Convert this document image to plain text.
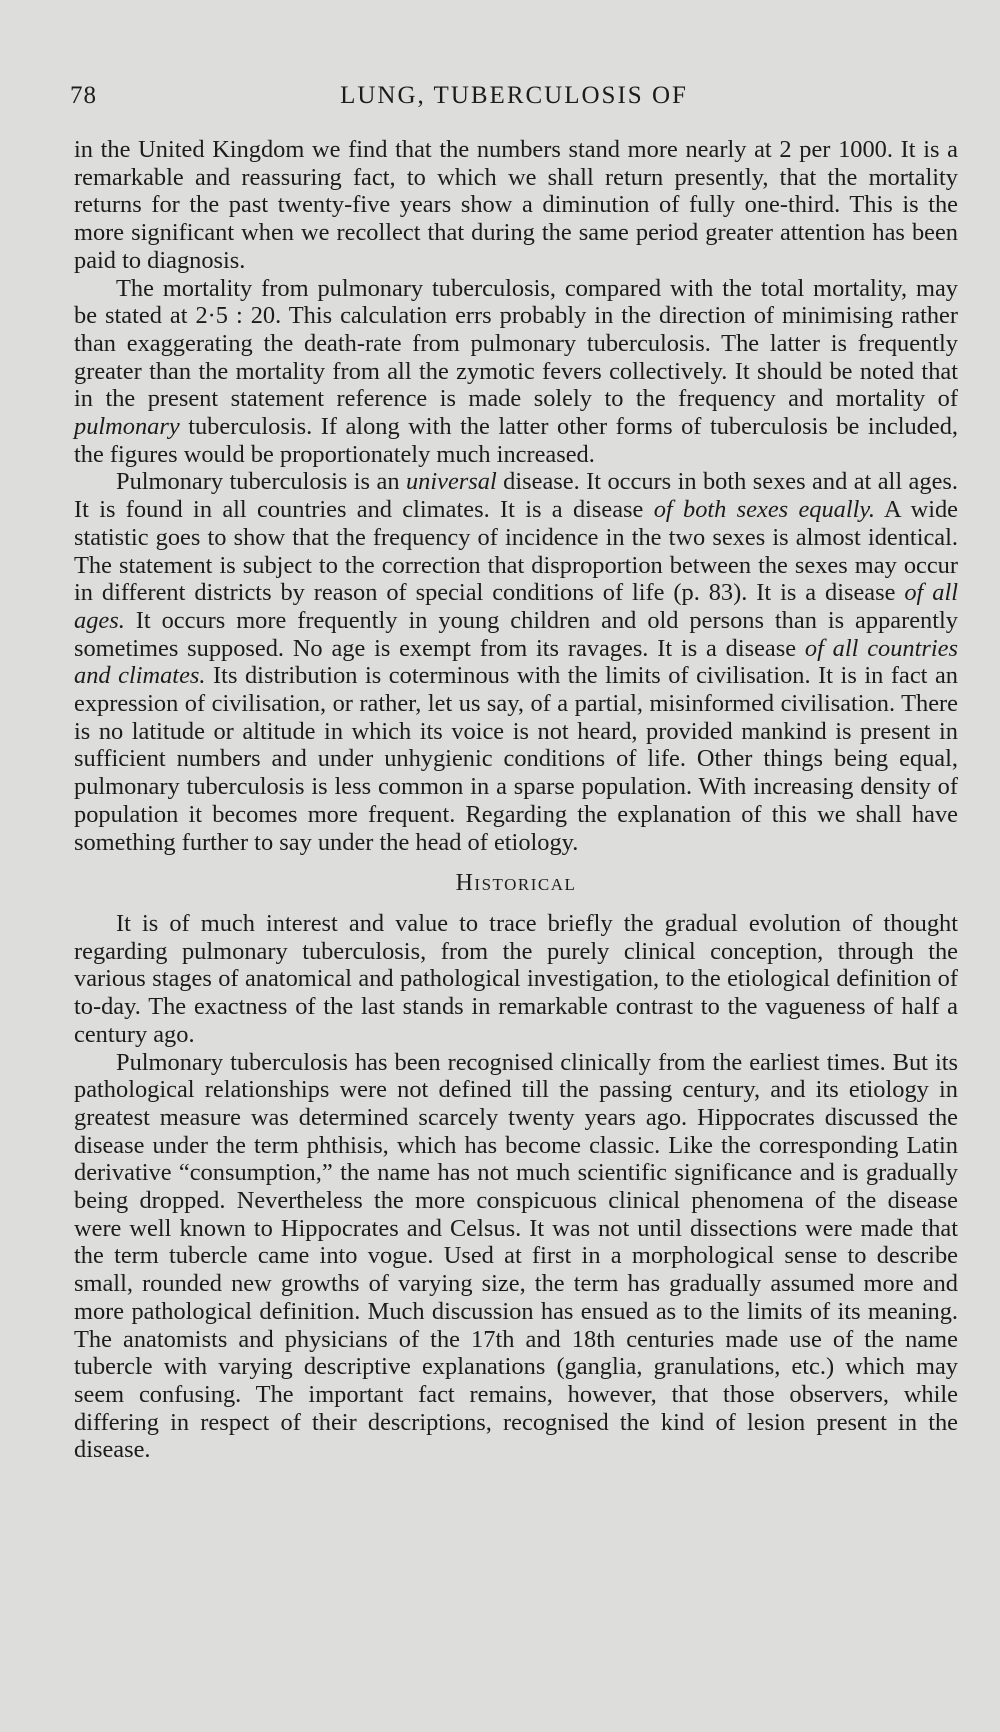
78	LUNG, TUBERCULOSIS OF

in the United Kingdom we find that the numbers stand more nearly at 2 per 1000. It is a remarkable and reassuring fact, to which we shall return presently, that the mortality returns for the past twenty-five years show a diminution of fully one-third. This is the more significant when we recollect that during the same period greater attention has been paid to diagnosis.

The mortality from pulmonary tuberculosis, compared with the total mortality, may be stated at 2·5 : 20. This calculation errs probably in the direction of minimising rather than exaggerating the death-rate from pulmonary tuberculosis. The latter is frequently greater than the mortality from all the zymotic fevers collectively. It should be noted that in the present statement reference is made solely to the frequency and mortality of pulmonary tuberculosis. If along with the latter other forms of tuberculosis be included, the figures would be proportionately much increased.

Pulmonary tuberculosis is an universal disease. It occurs in both sexes and at all ages. It is found in all countries and climates. It is a disease of both sexes equally. A wide statistic goes to show that the frequency of incidence in the two sexes is almost identical. The statement is subject to the correction that disproportion between the sexes may occur in different districts by reason of special conditions of life (p. 83). It is a disease of all ages. It occurs more frequently in young children and old persons than is apparently sometimes supposed. No age is exempt from its ravages. It is a disease of all countries and climates. Its distribution is coterminous with the limits of civilisation. It is in fact an expression of civilisation, or rather, let us say, of a partial, misinformed civilisation. There is no latitude or altitude in which its voice is not heard, provided mankind is present in sufficient numbers and under unhygienic conditions of life. Other things being equal, pulmonary tuberculosis is less common in a sparse population. With increasing density of population it becomes more frequent. Regarding the explanation of this we shall have something further to say under the head of etiology.

Historical

It is of much interest and value to trace briefly the gradual evolution of thought regarding pulmonary tuberculosis, from the purely clinical conception, through the various stages of anatomical and pathological investigation, to the etiological definition of to-day. The exactness of the last stands in remarkable contrast to the vagueness of half a century ago.

Pulmonary tuberculosis has been recognised clinically from the earliest times. But its pathological relationships were not defined till the passing century, and its etiology in greatest measure was determined scarcely twenty years ago. Hippocrates discussed the disease under the term phthisis, which has become classic. Like the corresponding Latin derivative “consumption,” the name has not much scientific significance and is gradually being dropped. Nevertheless the more conspicuous clinical phenomena of the disease were well known to Hippocrates and Celsus. It was not until dissections were made that the term tubercle came into vogue. Used at first in a morphological sense to describe small, rounded new growths of varying size, the term has gradually assumed more and more pathological definition. Much discussion has ensued as to the limits of its meaning. The anatomists and physicians of the 17th and 18th centuries made use of the name tubercle with varying descriptive explanations (ganglia, granulations, etc.) which may seem confusing. The important fact remains, however, that those observers, while differing in respect of their descriptions, recognised the kind of lesion present in the disease.
